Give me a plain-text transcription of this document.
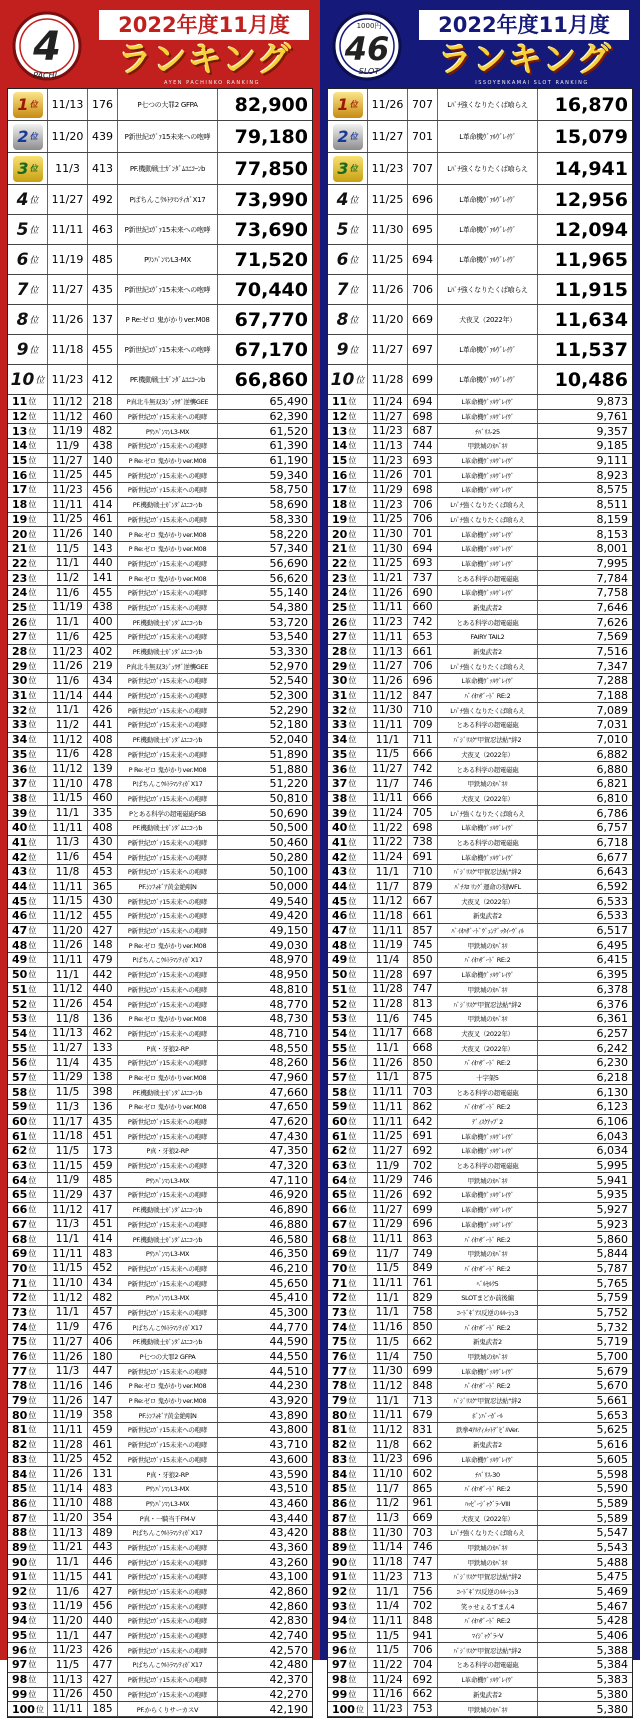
4
PACHI
2022年度11月度
ランキング
AYEN PACHINKO RANKING
1 位	11/13 176	P七つの大罪2 GFPA	82,900
2 位	11/20 439	P新世紀ｴｳﾞｧ15未来への咆哮	79,180
3 位	11/3	413	PF.機動戦士ｶﾞﾝﾀﾞﾑﾕﾆｺｰﾝb	77,850
4 位	11/27 492	PぱちんこｳﾙﾄﾗﾏﾝﾃｨｶﾞX17	73,990
5 位	11/11 463	P新世紀ｴｳﾞｧ15未来への咆哮	73,690
6 位	11/19 485	PﾜﾝﾊﾟﾝﾏﾝL3-MX	71,520
7 位	11/27 435	P新世紀ｴｳﾞｧ15未来への咆哮	70,440
8 位	11/26 137	P Re:ゼロ 鬼がかりver.M08	67,770
9 位	11/18 455	P新世紀ｴｳﾞｧ15未来への咆哮	67,170
10 位 11/23 412	PF.機動戦士ｶﾞﾝﾀﾞﾑﾕﾆｺｰﾝb	66,860
11 位	11/12 218	P真北斗無双3ｼﾞｭｳｻﾞ逆襲GEE	65,490
12 位	11/12 460	P新世紀ｴｳﾞｧ15未来への咆哮	62,390
13 位	11/19 482	PﾜﾝﾊﾟﾝﾏﾝL3-MX	61,520
14 位	11/9	438	P新世紀ｴｳﾞｧ15未来への咆哮	61,390
15 位	11/27 140	P Re:ゼロ 鬼がかりver.M08	61,190
16 位	11/25 445	P新世紀ｴｳﾞｧ15未来への咆哮	59,340
17 位	11/23 456	P新世紀ｴｳﾞｧ15未来への咆哮	58,750
18 位	11/11 414	PF.機動戦士ｶﾞﾝﾀﾞﾑﾕﾆｺｰﾝb	58,690
19 位	11/25 461	P新世紀ｴｳﾞｧ15未来への咆哮	58,330
20 位	11/26 140	P Re:ゼロ 鬼がかりver.M08	58,220
21 位	11/5	143	P Re:ゼロ 鬼がかりver.M08	57,340
22 位	11/1	440	P新世紀ｴｳﾞｧ15未来への咆哮	56,690
23 位	11/2	141	P Re:ゼロ 鬼がかりver.M08	56,620
24 位	11/6	455	P新世紀ｴｳﾞｧ15未来への咆哮	55,140
25 位	11/19 438	P新世紀ｴｳﾞｧ15未来への咆哮	54,380
26 位	11/1	400	PF.機動戦士ｶﾞﾝﾀﾞﾑﾕﾆｺｰﾝb	53,720
27 位	11/6	425	P新世紀ｴｳﾞｧ15未来への咆哮	53,540
28 位	11/23 402	PF.機動戦士ｶﾞﾝﾀﾞﾑﾕﾆｺｰﾝb	53,330
29 位	11/26 219	P真北斗無双3ｼﾞｭｳｻﾞ逆襲GEE	52,970
30 位	11/6	434	P新世紀ｴｳﾞｧ15未来への咆哮	52,540
31 位	11/14 444	P新世紀ｴｳﾞｧ15未来への咆哮	52,300
32 位	11/1	426	P新世紀ｴｳﾞｧ15未来への咆哮	52,290
33 位	11/2	441	P新世紀ｴｳﾞｧ15未来への咆哮	52,180
34 位	11/12 408	PF.機動戦士ｶﾞﾝﾀﾞﾑﾕﾆｺｰﾝb	52,040
35 位	11/6	428	P新世紀ｴｳﾞｧ15未来への咆哮	51,890
36 位	11/12 139	P Re:ゼロ 鬼がかりver.M08	51,880
37 位	11/10 478	PぱちんこｳﾙﾄﾗﾏﾝﾃｨｶﾞX17	51,220
38 位	11/15 460	P新世紀ｴｳﾞｧ15未来への咆哮	50,810
39 位	11/1	335	Pとある科学の超電磁砲FSB	50,690
40 位	11/11 408	PF.機動戦士ｶﾞﾝﾀﾞﾑﾕﾆｺｰﾝb	50,500
41 位	11/3	430	P新世紀ｴｳﾞｧ15未来への咆哮	50,460
42 位	11/6	454	P新世紀ｴｳﾞｧ15未来への咆哮	50,280
43 位	11/8	453	P新世紀ｴｳﾞｧ15未来への咆哮	50,100
44 位	11/11 365	PF.ｼﾝﾌｫｷﾞｱ黄金絶唱N	50,000
45 位	11/15 430	P新世紀ｴｳﾞｧ15未来への咆哮	49,540
46 位	11/12 455	P新世紀ｴｳﾞｧ15未来への咆哮	49,420
47 位	11/20 427	P新世紀ｴｳﾞｧ15未来への咆哮	49,150
48 位	11/26 148	P Re:ゼロ 鬼がかりver.M08	49,030
49 位	11/11 479	PぱちんこｳﾙﾄﾗﾏﾝﾃｨｶﾞX17	48,970
50 位	11/1	442	P新世紀ｴｳﾞｧ15未来への咆哮	48,950
51 位	11/12 440	P新世紀ｴｳﾞｧ15未来への咆哮	48,810
52 位	11/26 454	P新世紀ｴｳﾞｧ15未来への咆哮	48,770
53 位	11/8	136	P Re:ゼロ 鬼がかりver.M08	48,730
54 位	11/13 462	P新世紀ｴｳﾞｧ15未来への咆哮	48,710
55 位	11/27 133	P真・牙狼2-RP	48,550
56 位	11/4	435	P新世紀ｴｳﾞｧ15未来への咆哮	48,260
57 位	11/29 138	P Re:ゼロ 鬼がかりver.M08	47,960
58 位	11/5	398	PF.機動戦士ｶﾞﾝﾀﾞﾑﾕﾆｺｰﾝb	47,660
59 位	11/3	136	P Re:ゼロ 鬼がかりver.M08	47,650
60 位	11/17 435	P新世紀ｴｳﾞｧ15未来への咆哮	47,620
61 位	11/18 451	P新世紀ｴｳﾞｧ15未来への咆哮	47,430
62 位	11/5	173	P真・牙狼2-RP	47,350
63 位	11/15 459	P新世紀ｴｳﾞｧ15未来への咆哮	47,320
64 位	11/9	485	PﾜﾝﾊﾟﾝﾏﾝL3-MX	47,110
65 位	11/29 437	P新世紀ｴｳﾞｧ15未来への咆哮	46,920
66 位	11/12 417	PF.機動戦士ｶﾞﾝﾀﾞﾑﾕﾆｺｰﾝb	46,890
67 位	11/3	451	P新世紀ｴｳﾞｧ15未来への咆哮	46,880
68 位	11/1	414	PF.機動戦士ｶﾞﾝﾀﾞﾑﾕﾆｺｰﾝb	46,580
69 位	11/11 483	PﾜﾝﾊﾟﾝﾏﾝL3-MX	46,350
70 位	11/15 452	P新世紀ｴｳﾞｧ15未来への咆哮	46,210
71 位	11/10 434	P新世紀ｴｳﾞｧ15未来への咆哮	45,650
72 位	11/12 482	PﾜﾝﾊﾟﾝﾏﾝL3-MX	45,410
73 位	11/1	457	P新世紀ｴｳﾞｧ15未来への咆哮	45,300
74 位	11/9	476	PぱちんこｳﾙﾄﾗﾏﾝﾃｨｶﾞX17	44,770
75 位	11/27 406	PF.機動戦士ｶﾞﾝﾀﾞﾑﾕﾆｺｰﾝb	44,590
76 位	11/26 180	P七つの大罪2 GFPA	44,550
77 位	11/3	447	P新世紀ｴｳﾞｧ15未来への咆哮	44,510
78 位	11/16 146	P Re:ゼロ 鬼がかりver.M08	44,230
79 位	11/26 147	P Re:ゼロ 鬼がかりver.M08	43,920
80 位	11/19 358	PF.ｼﾝﾌｫｷﾞｱ黄金絶唱N	43,890
81 位	11/11 459	P新世紀ｴｳﾞｧ15未来への咆哮	43,800
82 位	11/28 461	P新世紀ｴｳﾞｧ15未来への咆哮	43,710
83 位	11/25 452	P新世紀ｴｳﾞｧ15未来への咆哮	43,600
84 位	11/26 131	P真・牙狼2-RP	43,590
85 位	11/14 483	PﾜﾝﾊﾟﾝﾏﾝL3-MX	43,510
86 位	11/10 488	PﾜﾝﾊﾟﾝﾏﾝL3-MX	43,460
87 位	11/20 354	P真・一騎当千FM-V	43,440
88 位	11/13 489	PぱちんこｳﾙﾄﾗﾏﾝﾃｨｶﾞX17	43,420
89 位	11/21 443	P新世紀ｴｳﾞｧ15未来への咆哮	43,360
90 位	11/1	446	P新世紀ｴｳﾞｧ15未来への咆哮	43,260
91 位	11/15 441	P新世紀ｴｳﾞｧ15未来への咆哮	43,100
92 位	11/6	427	P新世紀ｴｳﾞｧ15未来への咆哮	42,860
93 位	11/19 456	P新世紀ｴｳﾞｧ15未来への咆哮	42,860
94 位	11/20 440	P新世紀ｴｳﾞｧ15未来への咆哮	42,830
95 位	11/1	447	P新世紀ｴｳﾞｧ15未来への咆哮	42,740
96 位	11/23 426	P新世紀ｴｳﾞｧ15未来への咆哮	42,570
97 位	11/5	477	PぱちんこｳﾙﾄﾗﾏﾝﾃｨｶﾞX17	42,480
98 位	11/13 427	P新世紀ｴｳﾞｧ15未来への咆哮	42,370
99 位	11/26 450	P新世紀ｴｳﾞｧ15未来への咆哮	42,270
100 位 11/11 185	PF.からくりサーカスV	42,190
1000円
46
SLOT
2022年度11月度
ランキング
ISSOYENKAMAI SLOT RANKING
1 位	11/26 707	Lﾊﾟﾁ強くなりたくば喰らえ	16,870
2 位	11/27 701	L革命機ｳﾞｧﾙｳﾞﾚｲｳﾞ	15,079
3 位	11/23 707	Lﾊﾟﾁ強くなりたくば喰らえ	14,941
4 位	11/25 696	L革命機ｳﾞｧﾙｳﾞﾚｲｳﾞ	12,956
5 位	11/30 695	L革命機ｳﾞｧﾙｳﾞﾚｲｳﾞ	12,094
6 位	11/25 694	L革命機ｳﾞｧﾙｳﾞﾚｲｳﾞ	11,965
7 位	11/26 706	Lﾊﾟﾁ強くなりたくば喰らえ	11,915
8 位	11/20 669	犬夜叉（2022年）	11,634
9 位	11/27 697	L革命機ｳﾞｧﾙｳﾞﾚｲｳﾞ	11,537
10 位 11/28 699	L革命機ｳﾞｧﾙｳﾞﾚｲｳﾞ	10,486
11 位	11/24 694	L革命機ｳﾞｧﾙｳﾞﾚｲｳﾞ	9,873
12 位	11/27 698	L革命機ｳﾞｧﾙｳﾞﾚｲｳﾞ	9,761
13 位	11/23 687	ﾁﾊﾞﾘｽ-25	9,357
14 位	11/13 744	甲鉄城のｶﾊﾞﾈﾘ	9,185
15 位	11/23 693	L革命機ｳﾞｧﾙｳﾞﾚｲｳﾞ	9,111
16 位	11/26 701	L革命機ｳﾞｧﾙｳﾞﾚｲｳﾞ	8,923
17 位	11/29 698	L革命機ｳﾞｧﾙｳﾞﾚｲｳﾞ	8,575
18 位	11/23 706	Lﾊﾟﾁ強くなりたくば喰らえ	8,511
19 位	11/25 706	Lﾊﾟﾁ強くなりたくば喰らえ	8,159
20 位	11/30 701	L革命機ｳﾞｧﾙｳﾞﾚｲｳﾞ	8,153
21 位	11/30 694	L革命機ｳﾞｧﾙｳﾞﾚｲｳﾞ	8,001
22 位	11/25 693	L革命機ｳﾞｧﾙｳﾞﾚｲｳﾞ	7,995
23 位	11/21 737	とある科学の超電磁砲	7,784
24 位	11/26 690	L革命機ｳﾞｧﾙｳﾞﾚｲｳﾞ	7,758
25 位	11/11 660	新鬼武者2	7,646
26 位	11/23 742	とある科学の超電磁砲	7,626
27 位	11/11 653	FAIRY TAIL2	7,569
28 位	11/13 661	新鬼武者2	7,516
29 位	11/27 706	Lﾊﾟﾁ強くなりたくば喰らえ	7,347
30 位	11/26 696	L革命機ｳﾞｧﾙｳﾞﾚｲｳﾞ	7,288
31 位	11/12 847	ﾊﾞｲｵﾊｻﾞｰﾄﾞ RE:2	7,188
32 位	11/30 710	Lﾊﾟﾁ強くなりたくば喰らえ	7,089
33 位	11/11 709	とある科学の超電磁砲	7,031
34 位	11/1	711	ﾊﾞｼﾞﾘｽｸ"甲賀忍法帖"絆2	7,010
35 位	11/5	666	犬夜叉（2022年）	6,882
36 位	11/27 742	とある科学の超電磁砲	6,880
37 位	11/7	746	甲鉄城のｶﾊﾞﾈﾘ	6,821
38 位	11/11 666	犬夜叉（2022年）	6,810
39 位	11/24 705	Lﾊﾟﾁ強くなりたくば喰らえ	6,786
40 位	11/22 698	L革命機ｳﾞｧﾙｳﾞﾚｲｳﾞ	6,757
41 位	11/22 738	とある科学の超電磁砲	6,718
42 位	11/24 691	L革命機ｳﾞｧﾙｳﾞﾚｲｳﾞ	6,677
43 位	11/1	710	ﾊﾞｼﾞﾘｽｸ"甲賀忍法帖"絆2	6,643
44 位	11/7	879	ﾊﾟﾁｽﾛ ﾘﾝｸﾞ運命の刻WFL	6,592
45 位	11/12 667	犬夜叉（2022年）	6,533
46 位	11/18 661	新鬼武者2	6,533
47 位	11/11 857	ﾊﾞｲｵﾊｻﾞｰﾄﾞｳﾞｪﾝﾃﾞｯﾀｲｰｳﾞｨﾙ	6,517
48 位	11/19 745	甲鉄城のｶﾊﾞﾈﾘ	6,495
49 位	11/4	850	ﾊﾞｲｵﾊｻﾞｰﾄﾞ RE:2	6,415
50 位	11/28 697	L革命機ｳﾞｧﾙｳﾞﾚｲｳﾞ	6,395
51 位	11/28 747	甲鉄城のｶﾊﾞﾈﾘ	6,378
52 位	11/28 813	ﾊﾞｼﾞﾘｽｸ"甲賀忍法帖"絆2	6,376
53 位	11/6	745	甲鉄城のｶﾊﾞﾈﾘ	6,361
54 位	11/17 668	犬夜叉（2022年）	6,257
55 位	11/1	668	犬夜叉（2022年）	6,242
56 位	11/26 850	ﾊﾞｲｵﾊｻﾞｰﾄﾞ RE:2	6,230
57 位	11/1	875	十字架5	6,218
58 位	11/11 703	とある科学の超電磁砲	6,130
59 位	11/11 862	ﾊﾞｲｵﾊｻﾞｰﾄﾞ RE:2	6,123
60 位	11/11 642	ﾃﾞｨｽｸｱｯﾌﾟ2	6,106
61 位	11/25 691	L革命機ｳﾞｧﾙｳﾞﾚｲｳﾞ	6,043
62 位	11/27 692	L革命機ｳﾞｧﾙｳﾞﾚｲｳﾞ	6,034
63 位	11/9	702	とある科学の超電磁砲	5,995
64 位	11/29 746	甲鉄城のｶﾊﾞﾈﾘ	5,941
65 位	11/26 692	L革命機ｳﾞｧﾙｳﾞﾚｲｳﾞ	5,935
66 位	11/27 699	L革命機ｳﾞｧﾙｳﾞﾚｲｳﾞ	5,927
67 位	11/29 696	L革命機ｳﾞｧﾙｳﾞﾚｲｳﾞ	5,923
68 位	11/11 863	ﾊﾞｲｵﾊｻﾞｰﾄﾞ RE:2	5,860
69 位	11/7	749	甲鉄城のｶﾊﾞﾈﾘ	5,844
70 位	11/5	849	ﾊﾞｲｵﾊｻﾞｰﾄﾞ RE:2	5,787
71 位	11/11 761	ﾍﾞﾙｾﾙｸ5	5,765
72 位	11/1	829	SLOTまどか前後編	5,759
73 位	11/1	758	ｺｰﾄﾞｷﾞｱｽ反逆のﾙﾙｰｼｭ3	5,752
74 位	11/16 850	ﾊﾞｲｵﾊｻﾞｰﾄﾞ RE:2	5,732
75 位	11/5	662	新鬼武者2	5,719
76 位	11/4	750	甲鉄城のｶﾊﾞﾈﾘ	5,700
77 位	11/30 699	L革命機ｳﾞｧﾙｳﾞﾚｲｳﾞ	5,679
78 位	11/12 848	ﾊﾞｲｵﾊｻﾞｰﾄﾞ RE:2	5,670
79 位	11/1	713	ﾊﾞｼﾞﾘｽｸ"甲賀忍法帖"絆2	5,661
80 位	11/11 679	ﾎﾞﾝﾊﾞｰｶﾞｰﾙ	5,653
81 位	11/12 831	鉄拳4ｱﾙﾃｨﾒｯﾄﾃﾞﾋﾞﾙVer.	5,625
82 位	11/8	662	新鬼武者2	5,616
83 位	11/23 696	L革命機ｳﾞｧﾙｳﾞﾚｲｳﾞ	5,605
84 位	11/10 602	ﾁﾊﾞﾘｽ-30	5,598
85 位	11/7	865	ﾊﾞｲｵﾊｻﾞｰﾄﾞ RE:2	5,590
86 位	11/2	961	ﾊｯﾋﾟｰｼﾞｬｸﾞﾗｰVIII	5,589
87 位	11/3	669	犬夜叉（2022年）	5,589
88 位	11/30 703	Lﾊﾟﾁ強くなりたくば喰らえ	5,547
89 位	11/14 746	甲鉄城のｶﾊﾞﾈﾘ	5,543
90 位	11/18 747	甲鉄城のｶﾊﾞﾈﾘ	5,488
91 位	11/23 713	ﾊﾞｼﾞﾘｽｸ"甲賀忍法帖"絆2	5,475
92 位	11/1	756	ｺｰﾄﾞｷﾞｱｽ反逆のﾙﾙｰｼｭ3	5,469
93 位	11/4	702	笑ゥせぇるすまん4	5,467
94 位	11/11 848	ﾊﾞｲｵﾊｻﾞｰﾄﾞ RE:2	5,428
95 位	11/5	941	ﾏｲｼﾞｬｸﾞﾗｰV	5,406
96 位	11/5	706	ﾊﾞｼﾞﾘｽｸ"甲賀忍法帖"絆2	5,388
97 位	11/22 704	とある科学の超電磁砲	5,384
98 位	11/24 692	L革命機ｳﾞｧﾙｳﾞﾚｲｳﾞ	5,383
99 位	11/16 662	新鬼武者2	5,380
100 位 11/23 753	甲鉄城のｶﾊﾞﾈﾘ	5,380
